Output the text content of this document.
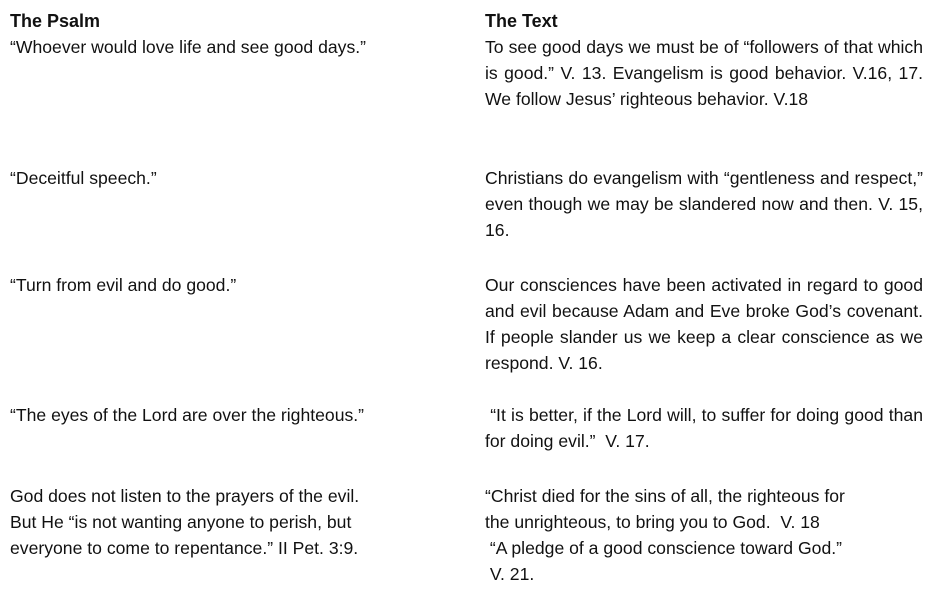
The Psalm
“Whoever would love life and see good days.”
“Deceitful speech.”
“Turn from evil and do good.”
“The eyes of the Lord are over the righteous.”
God does not listen to the prayers of the evil.
But He “is not wanting anyone to perish, but
everyone to come to repentance.” II Pet. 3:9.
The Text
To see good days we must be of “followers of that which is good.” V. 13. Evangelism is good behavior. V.16, 17. We follow Jesus’ righteous behavior. V.18
Christians do evangelism with “gentleness and respect,” even though we may be slandered now and then. V. 15, 16.
Our consciences have been activated in regard to good and evil because Adam and Eve broke God’s covenant. If people slander us we keep a clear conscience as we respond. V. 16.
“It is better, if the Lord will, to suffer for doing good than for doing evil.”  V. 17.
“Christ died for the sins of all, the righteous for
the unrighteous, to bring you to God.  V. 18
“A pledge of a good conscience toward God.”
V. 21.
